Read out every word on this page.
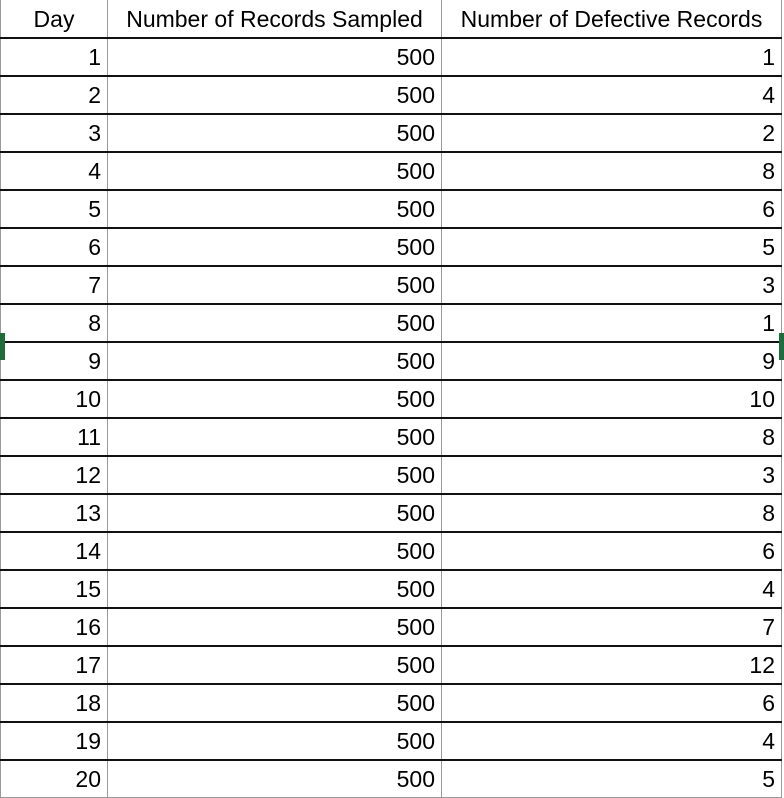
Day	Number of Records Sampled	Number of Defective Records
1	500	1
2	500	4
3	500	2
4	500	8
5	500	6
6	500	5
7	500	3
8	500	1
9	500	9
10	500	10
11	500	8
12	500	3
13	500	8
14	500	6
15	500	4
16	500	7
17	500	12
18	500	6
19	500	4
20	500	5
